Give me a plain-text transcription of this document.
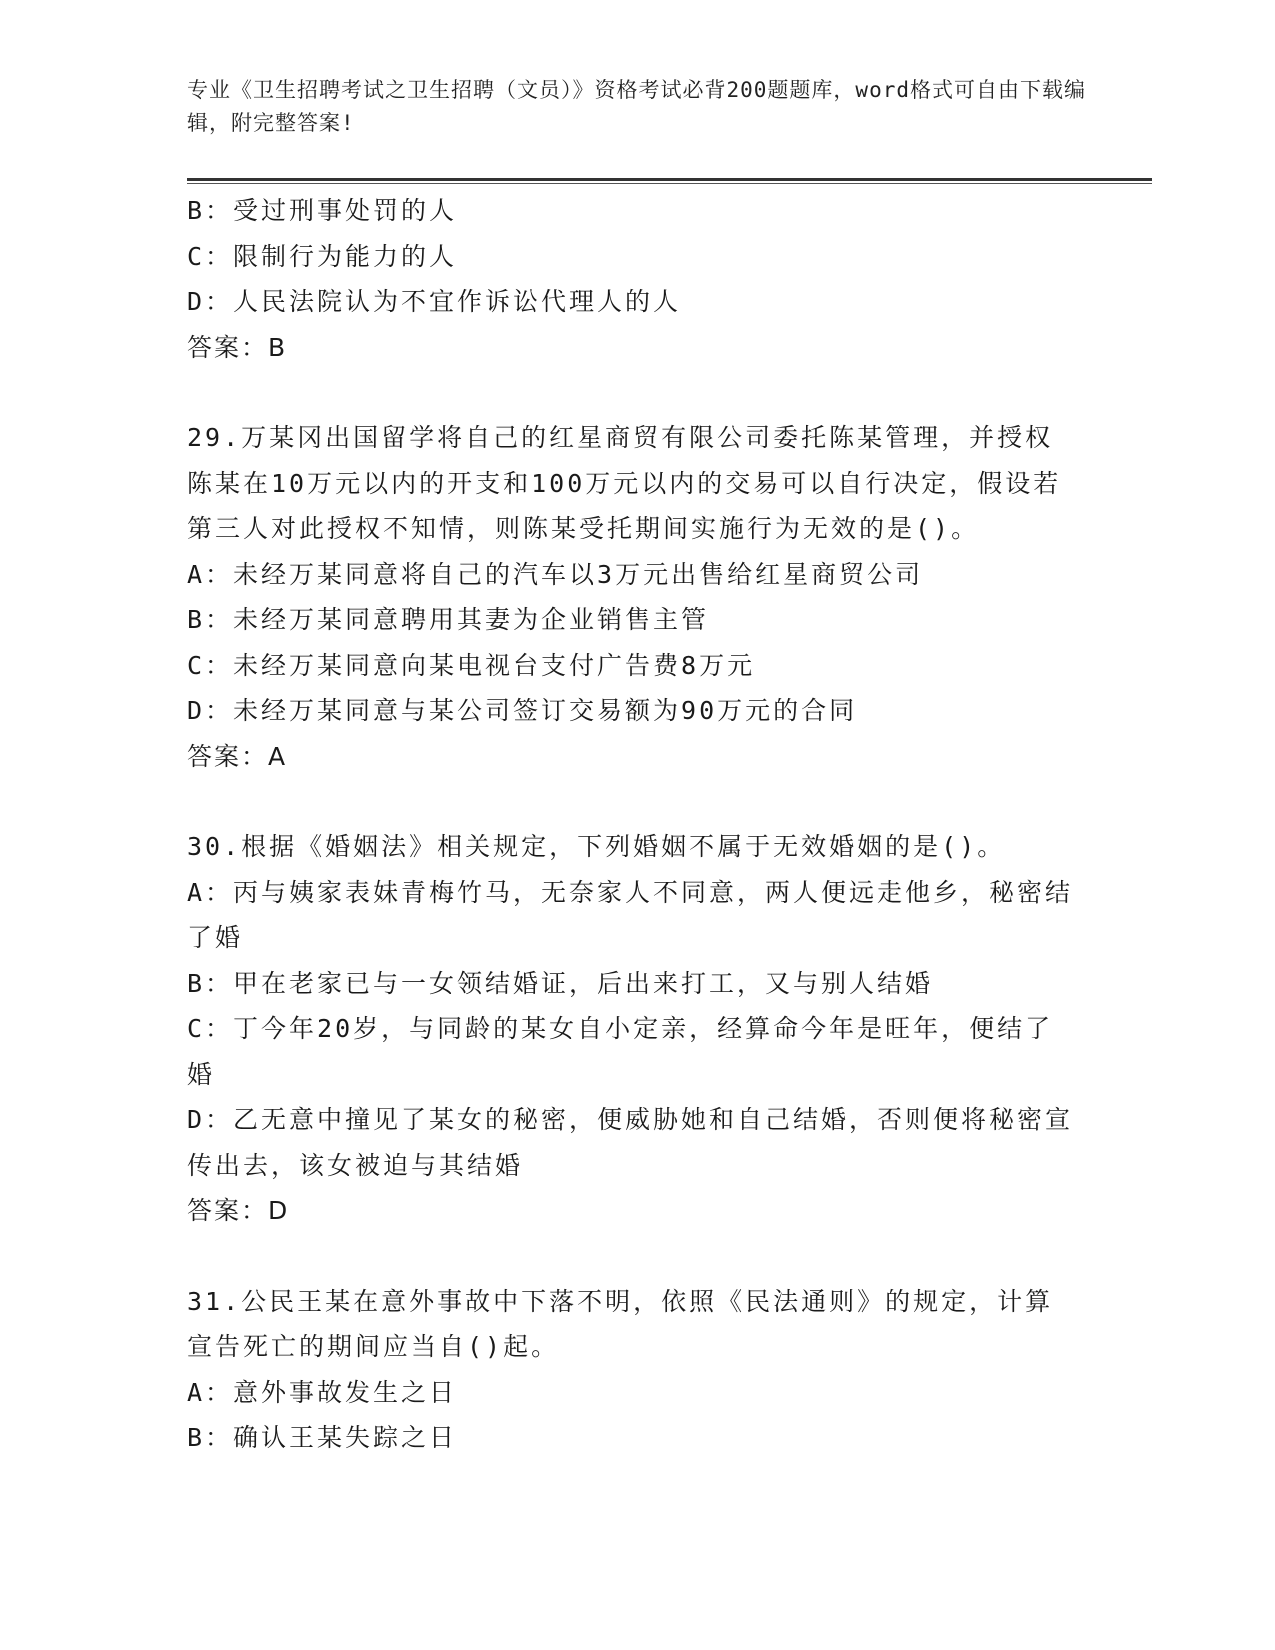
专业《卫生招聘考试之卫生招聘（文员）》资格考试必背200题题库，word格式可自由下载编辑，附完整答案!

B：受过刑事处罚的人

C：限制行为能力的人

D：人民法院认为不宜作诉讼代理人的人

答案：B

29.万某冈出国留学将自己的红星商贸有限公司委托陈某管理，并授权陈某在10万元以内的开支和100万元以内的交易可以自行决定，假设若第三人对此授权不知情，则陈某受托期间实施行为无效的是()。

A：未经万某同意将自己的汽车以3万元出售给红星商贸公司

B：未经万某同意聘用其妻为企业销售主管

C：未经万某同意向某电视台支付广告费8万元

D：未经万某同意与某公司签订交易额为90万元的合同

答案：A

30.根据《婚姻法》相关规定，下列婚姻不属于无效婚姻的是()。

A：丙与姨家表妹青梅竹马，无奈家人不同意，两人便远走他乡，秘密结了婚

B：甲在老家已与一女领结婚证，后出来打工，又与别人结婚

C：丁今年20岁，与同龄的某女自小定亲，经算命今年是旺年，便结了婚

D：乙无意中撞见了某女的秘密，便威胁她和自己结婚，否则便将秘密宣传出去，该女被迫与其结婚

答案：D

31.公民王某在意外事故中下落不明，依照《民法通则》的规定，计算宣告死亡的期间应当自()起。

A：意外事故发生之日

B：确认王某失踪之日
